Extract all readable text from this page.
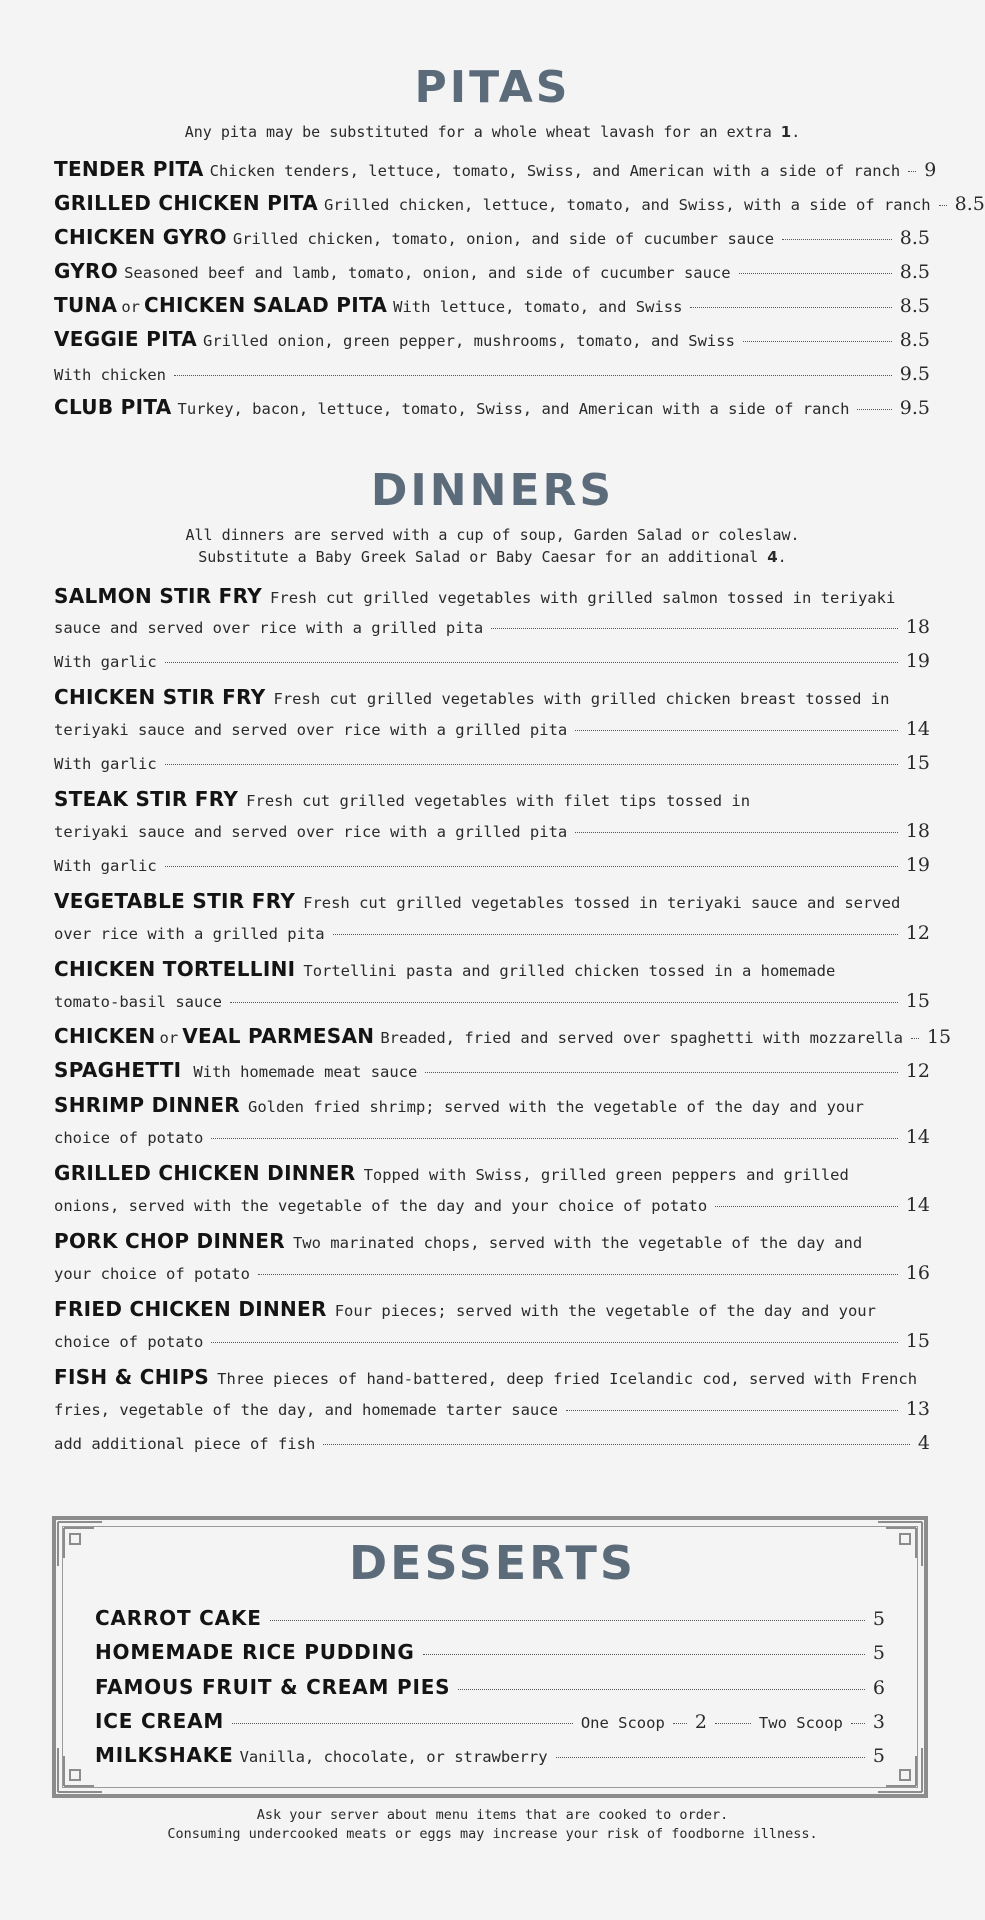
PITAS
Any pita may be substituted for a whole wheat lavash for an extra 1.
TENDER PITA Chicken tenders, lettuce, tomato, Swiss, and American with a side of ranch 9
GRILLED CHICKEN PITA Grilled chicken, lettuce, tomato, and Swiss, with a side of ranch 8.5
CHICKEN GYRO Grilled chicken, tomato, onion, and side of cucumber sauce	8.5
GYRO Seasoned beef and lamb, tomato, onion, and side of cucumber sauce	8.5
TUNA or CHICKEN SALAD PITA With lettuce, tomato, and Swiss	8.5
VEGGIE PITA Grilled onion, green pepper, mushrooms, tomato, and Swiss	8.5
With chicken	9.5
CLUB PITA Turkey, bacon, lettuce, tomato, Swiss, and American with a side of ranch	9.5
DINNERS
All dinners are served with a cup of soup, Garden Salad or coleslaw.
Substitute a Baby Greek Salad or Baby Caesar for an additional 4.
SALMON STIR FRY Fresh cut grilled vegetables with grilled salmon tossed in teriyaki
sauce and served over rice with a grilled pita	18
With garlic	19
CHICKEN STIR FRY Fresh cut grilled vegetables with grilled chicken breast tossed in
teriyaki sauce and served over rice with a grilled pita	14
With garlic	15
STEAK STIR FRY Fresh cut grilled vegetables with filet tips tossed in
teriyaki sauce and served over rice with a grilled pita	18
With garlic	19
VEGETABLE STIR FRY Fresh cut grilled vegetables tossed in teriyaki sauce and served
over rice with a grilled pita	12
CHICKEN TORTELLINI Tortellini pasta and grilled chicken tossed in a homemade
tomato-basil sauce	15
CHICKEN or VEAL PARMESAN Breaded, fried and served over spaghetti with mozzarella 15
SPAGHETTI With homemade meat sauce	12
SHRIMP DINNER Golden fried shrimp; served with the vegetable of the day and your
choice of potato	14
GRILLED CHICKEN DINNER Topped with Swiss, grilled green peppers and grilled
onions, served with the vegetable of the day and your choice of potato	14
PORK CHOP DINNER Two marinated chops, served with the vegetable of the day and
your choice of potato	16
FRIED CHICKEN DINNER Four pieces; served with the vegetable of the day and your
choice of potato	15
FISH & CHIPS Three pieces of hand-battered, deep fried Icelandic cod, served with French
fries, vegetable of the day, and homemade tarter sauce	13
add additional piece of fish	4
DESSERTS
CARROT CAKE	5
HOMEMADE RICE PUDDING	5
FAMOUS FRUIT & CREAM PIES	6
ICE CREAM	One Scoop 2	Two Scoop 3
MILKSHAKE Vanilla, chocolate, or strawberry	5
Ask your server about menu items that are cooked to order.
Consuming undercooked meats or eggs may increase your risk of foodborne illness.
